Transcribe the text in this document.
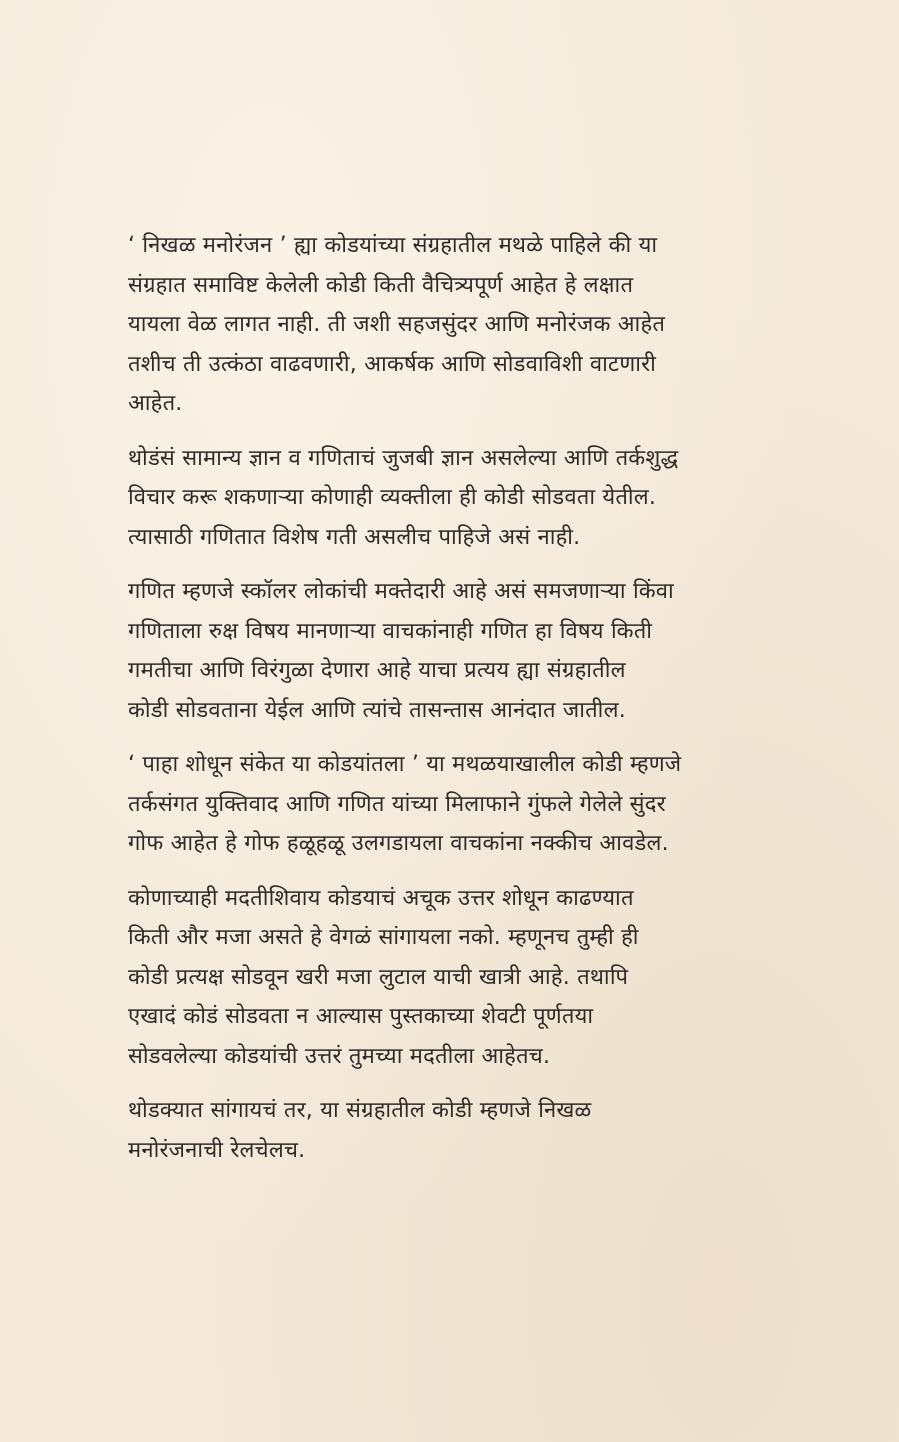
‘ निखळ मनोरंजन ’ ह्या कोडयांच्या संग्रहातील मथळे पाहिले की या
संग्रहात समाविष्ट केलेली कोडी किती वैचित्र्यपूर्ण आहेत हे लक्षात
यायला वेळ लागत नाही. ती जशी सहजसुंदर आणि मनोरंजक आहेत
तशीच ती उत्कंठा वाढवणारी, आकर्षक आणि सोडवाविशी वाटणारी
आहेत.

थोडंसं सामान्य ज्ञान व गणिताचं जुजबी ज्ञान असलेल्या आणि तर्कशुद्ध
विचार करू शकणाऱ्या कोणाही व्यक्तीला ही कोडी सोडवता येतील.
त्यासाठी गणितात विशेष गती असलीच पाहिजे असं नाही.

गणित म्हणजे स्कॉलर लोकांची मक्तेदारी आहे असं समजणाऱ्या किंवा
गणिताला रुक्ष विषय मानणाऱ्या वाचकांनाही गणित हा विषय किती
गमतीचा आणि विरंगुळा देणारा आहे याचा प्रत्यय ह्या संग्रहातील
कोडी सोडवताना येईल आणि त्यांचे तासन्तास आनंदात जातील.

‘ पाहा शोधून संकेत या कोडयांतला ’ या मथळयाखालील कोडी म्हणजे
तर्कसंगत युक्तिवाद आणि गणित यांच्या मिलाफाने गुंफले गेलेले सुंदर
गोफ आहेत हे गोफ हळूहळू उलगडायला वाचकांना नक्कीच आवडेल.

कोणाच्याही मदतीशिवाय कोडयाचं अचूक उत्तर शोधून काढण्यात
किती और मजा असते हे वेगळं सांगायला नको. म्हणूनच तुम्ही ही
कोडी प्रत्यक्ष सोडवून खरी मजा लुटाल याची खात्री आहे. तथापि
एखादं कोडं सोडवता न आल्यास पुस्तकाच्या शेवटी पूर्णतया
सोडवलेल्या कोडयांची उत्तरं तुमच्या मदतीला आहेतच.

थोडक्यात सांगायचं तर, या संग्रहातील कोडी म्हणजे निखळ
मनोरंजनाची रेलचेलच.
